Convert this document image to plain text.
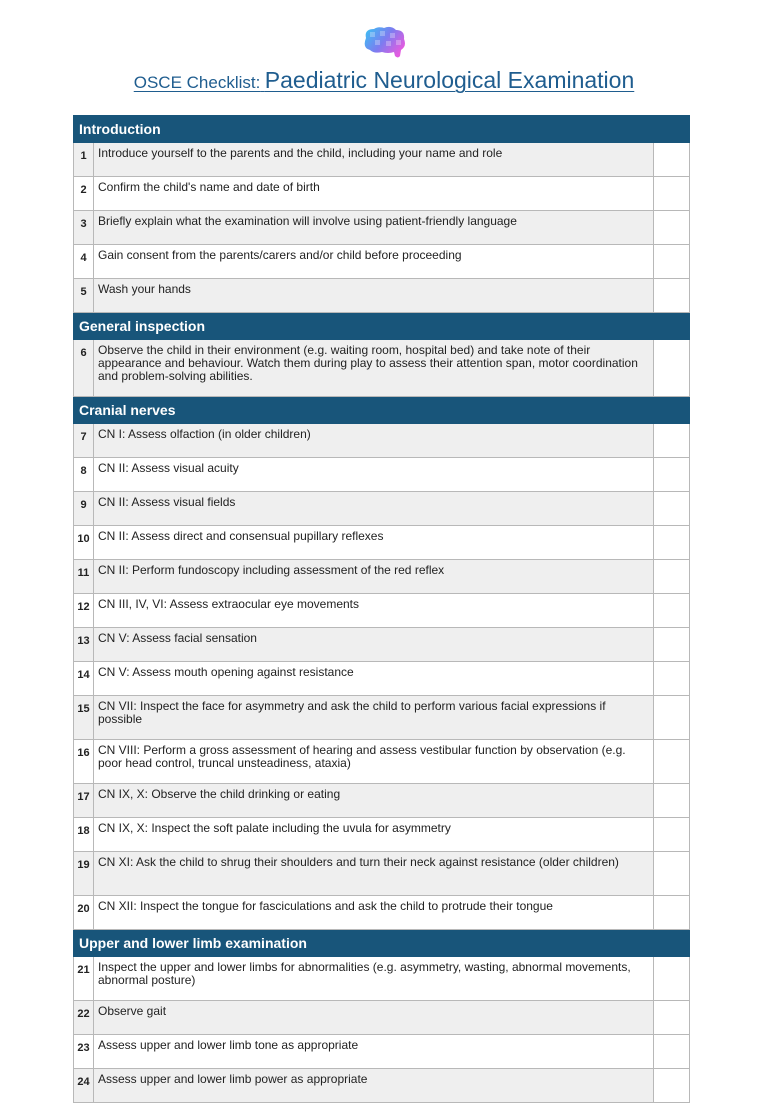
OSCE Checklist: Paediatric Neurological Examination
Introduction		
1	Introduce yourself to the parents and the child, including your name and role	
2	Confirm the child's name and date of birth	
3	Briefly explain what the examination will involve using patient-friendly language	
4	Gain consent from the parents/carers and/or child before proceeding	
5	Wash your hands	
General inspection		
6	Observe the child in their environment (e.g. waiting room, hospital bed) and take note of their appearance and behaviour. Watch them during play to assess their attention span, motor coordination and problem-solving abilities.	
Cranial nerves		
7	CN I: Assess olfaction (in older children)	
8	CN II: Assess visual acuity	
9	CN II: Assess visual fields	
10	CN II: Assess direct and consensual pupillary reflexes	
11	CN II: Perform fundoscopy including assessment of the red reflex	
12	CN III, IV, VI: Assess extraocular eye movements	
13	CN V: Assess facial sensation	
14	CN V: Assess mouth opening against resistance	
15	CN VII: Inspect the face for asymmetry and ask the child to perform various facial expressions if possible	
16	CN VIII: Perform a gross assessment of hearing and assess vestibular function by observation (e.g. poor head control, truncal unsteadiness, ataxia)	
17	CN IX, X: Observe the child drinking or eating	
18	CN IX, X: Inspect the soft palate including the uvula for asymmetry	
19	CN XI: Ask the child to shrug their shoulders and turn their neck against resistance (older children)	
20	CN XII: Inspect the tongue for fasciculations and ask the child to protrude their tongue	
Upper and lower limb examination		
21	Inspect the upper and lower limbs for abnormalities (e.g. asymmetry, wasting, abnormal movements, abnormal posture)	
22	Observe gait	
23	Assess upper and lower limb tone as appropriate	
24	Assess upper and lower limb power as appropriate	
